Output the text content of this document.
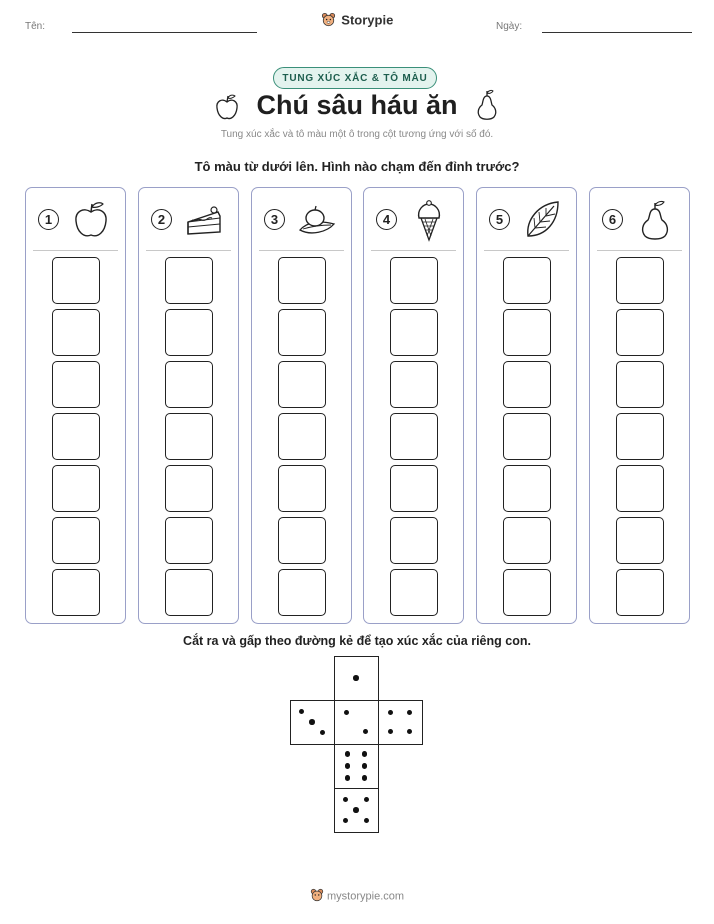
Tên:	Ngày:
Storypie
TUNG XÚC XẮC & TÔ MÀU
Chú sâu háu ăn
Tung xúc xắc và tô màu một ô trong cột tương ứng với số đó.
Tô màu từ dưới lên. Hình nào chạm đến đỉnh trước?
1	2	3	4	5	6
Cắt ra và gấp theo đường kẻ để tạo xúc xắc của riêng con.
mystorypie.com
